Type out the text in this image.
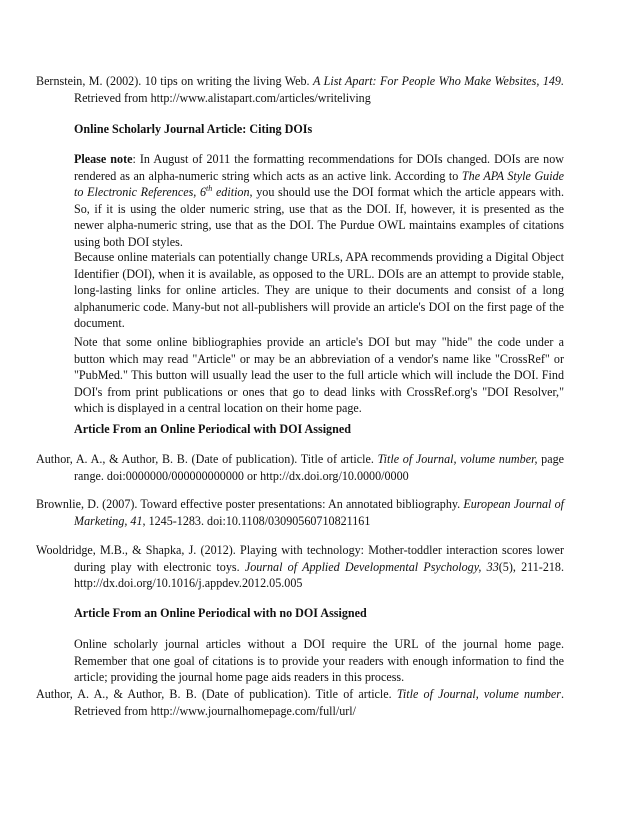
Bernstein, M. (2002). 10 tips on writing the living Web. A List Apart: For People Who Make Websites, 149. Retrieved from http://www.alistapart.com/articles/writeliving

Online Scholarly Journal Article: Citing DOIs

Please note: In August of 2011 the formatting recommendations for DOIs changed. DOIs are now rendered as an alpha-numeric string which acts as an active link. According to The APA Style Guide to Electronic References, 6th edition, you should use the DOI format which the article appears with. So, if it is using the older numeric string, use that as the DOI. If, however, it is presented as the newer alpha-numeric string, use that as the DOI. The Purdue OWL maintains examples of citations using both DOI styles.

Because online materials can potentially change URLs, APA recommends providing a Digital Object Identifier (DOI), when it is available, as opposed to the URL. DOIs are an attempt to provide stable, long-lasting links for online articles. They are unique to their documents and consist of a long alphanumeric code. Many-but not all-publishers will provide an article's DOI on the first page of the document.

Note that some online bibliographies provide an article's DOI but may "hide" the code under a button which may read "Article" or may be an abbreviation of a vendor's name like "CrossRef" or "PubMed." This button will usually lead the user to the full article which will include the DOI. Find DOI's from print publications or ones that go to dead links with CrossRef.org's "DOI Resolver," which is displayed in a central location on their home page.

Article From an Online Periodical with DOI Assigned

Author, A. A., & Author, B. B. (Date of publication). Title of article. Title of Journal, volume number, page range. doi:0000000/000000000000 or http://dx.doi.org/10.0000/0000

Brownlie, D. (2007). Toward effective poster presentations: An annotated bibliography. European Journal of Marketing, 41, 1245-1283. doi:10.1108/03090560710821161

Wooldridge, M.B., & Shapka, J. (2012). Playing with technology: Mother-toddler interaction scores lower during play with electronic toys. Journal of Applied Developmental Psychology, 33(5), 211-218. http://dx.doi.org/10.1016/j.appdev.2012.05.005

Article From an Online Periodical with no DOI Assigned

Online scholarly journal articles without a DOI require the URL of the journal home page. Remember that one goal of citations is to provide your readers with enough information to find the article; providing the journal home page aids readers in this process.

Author, A. A., & Author, B. B. (Date of publication). Title of article. Title of Journal, volume number. Retrieved from http://www.journalhomepage.com/full/url/
